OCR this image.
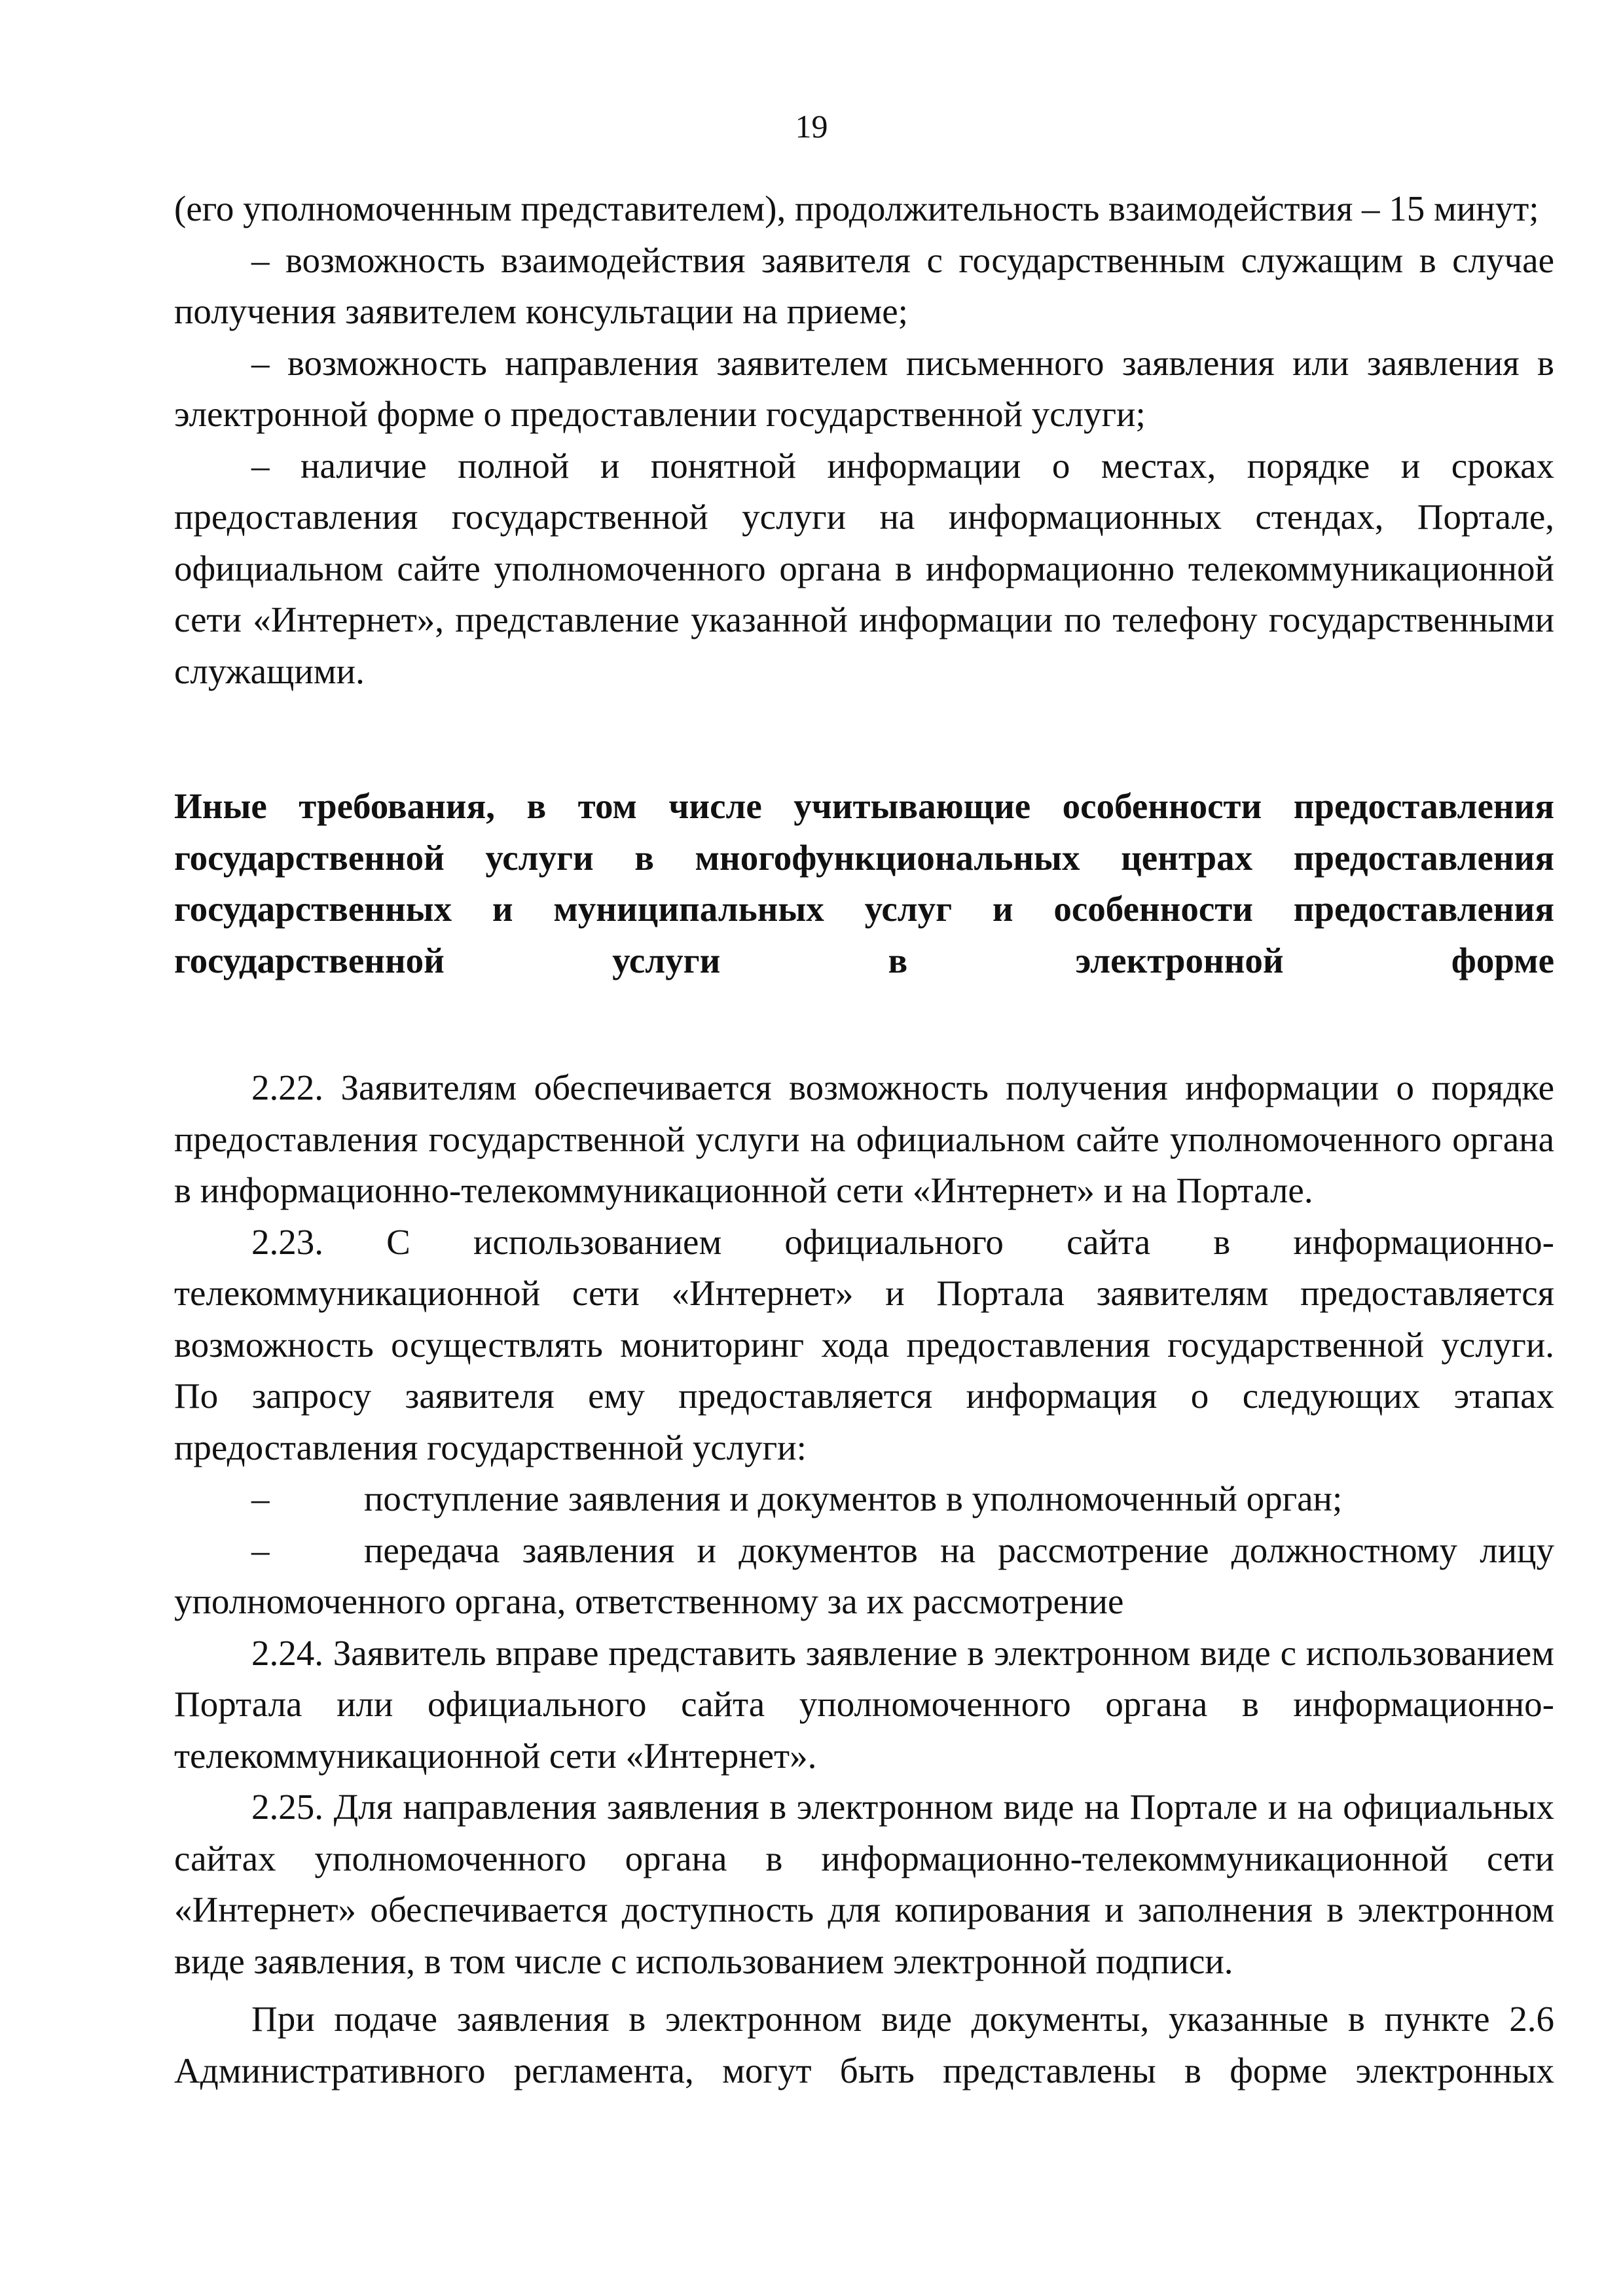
19

(его уполномоченным представителем), продолжительность взаимодействия – 15 минут;

– возможность взаимодействия заявителя с государственным служащим в случае получения заявителем консультации на приеме;

– возможность направления заявителем письменного заявления или заявления в электронной форме о предоставлении государственной услуги;

– наличие полной и понятной информации о местах, порядке и сроках предоставления государственной услуги на информационных стендах, Портале, официальном сайте уполномоченного органа в информационно телекоммуникационной сети «Интернет», представление указанной информации по телефону государственными служащими.

Иные требования, в том числе учитывающие особенности предоставления государственной услуги в многофункциональных центрах предоставления государственных и муниципальных услуг и особенности предоставления государственной услуги в электронной форме

2.22. Заявителям обеспечивается возможность получения информации о порядке предоставления государственной услуги на официальном сайте уполномоченного органа в информационно-телекоммуникационной сети «Интернет» и на Портале.

2.23. С использованием официального сайта в информационно-телекоммуникационной сети «Интернет» и Портала заявителям предоставляется возможность осуществлять мониторинг хода предоставления государственной услуги. По запросу заявителя ему предоставляется информация о следующих этапах предоставления государственной услуги:

–	поступление заявления и документов в уполномоченный орган;
–	передача заявления и документов на рассмотрение должностному лицу

уполномоченного органа, ответственному за их рассмотрение

2.24. Заявитель вправе представить заявление в электронном виде с использованием Портала или официального сайта уполномоченного органа в информационно-телекоммуникационной сети «Интернет».

2.25. Для направления заявления в электронном виде на Портале и на официальных сайтах уполномоченного органа в информационно-телекоммуникационной сети «Интернет» обеспечивается доступность для копирования и заполнения в электронном виде заявления, в том числе с использованием электронной подписи.

При подаче заявления в электронном виде документы, указанные в пункте 2.6 Административного регламента, могут быть представлены в форме электронных
